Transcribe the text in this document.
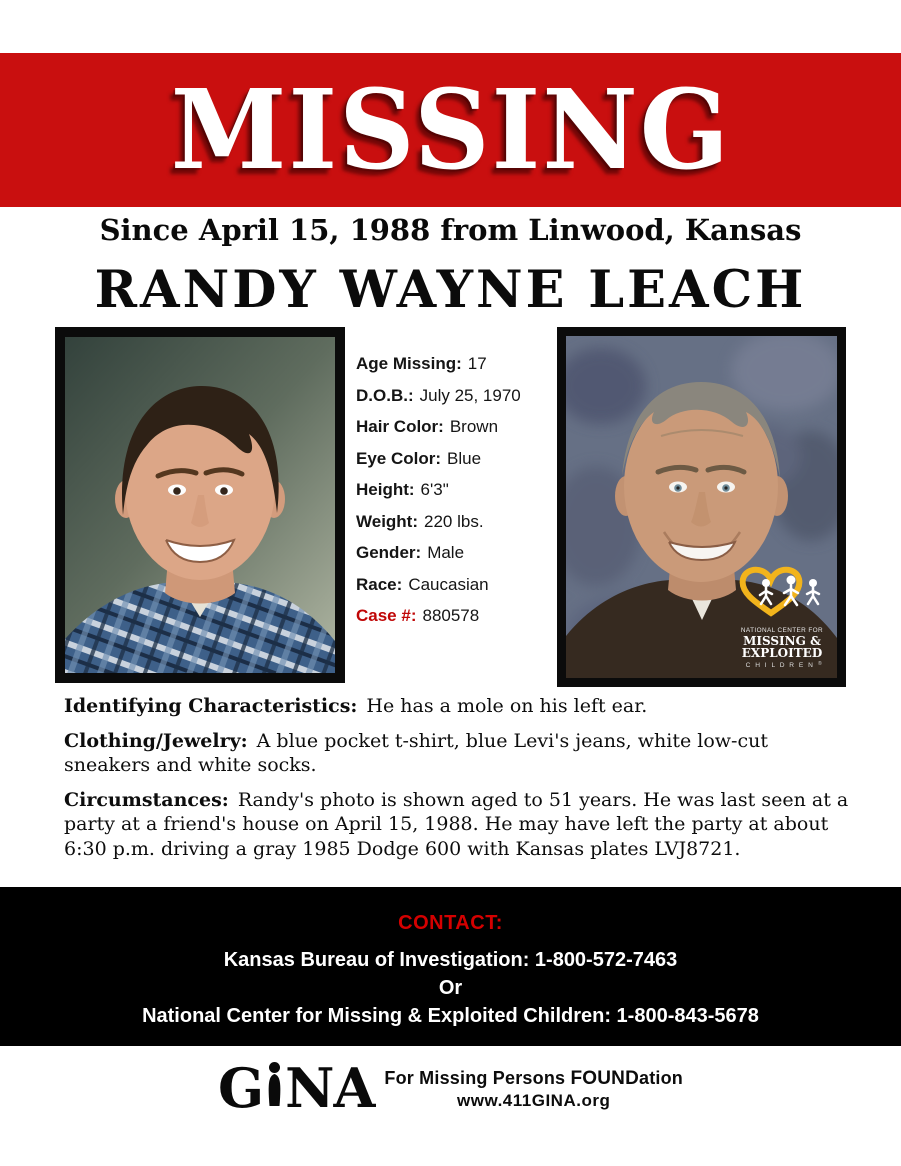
MISSING
Since April 15, 1988 from Linwood, Kansas
RANDY WAYNE LEACH
Age Missing: 17
D.O.B.: July 25, 1970
Hair Color: Brown
Eye Color: Blue
Height: 6'3"
Weight: 220 lbs.
Gender: Male
Race: Caucasian
Case #: 880578
NATIONAL CENTER FOR
MISSING &
EXPLOITED
C H I L D R E N ®

Identifying Characteristics: He has a mole on his left ear.

Clothing/Jewelry: A blue pocket t-shirt, blue Levi's jeans, white low-cut sneakers and white socks.

Circumstances: Randy's photo is shown aged to 51 years. He was last seen at a party at a friend's house on April 15, 1988. He may have left the party at about 6:30 p.m. driving a gray 1985 Dodge 600 with Kansas plates LVJ8721.

CONTACT:
Kansas Bureau of Investigation: 1-800-572-7463
Or
National Center for Missing & Exploited Children: 1-800-843-5678
G NA For Missing Persons FOUNDation
www.411GINA.org
